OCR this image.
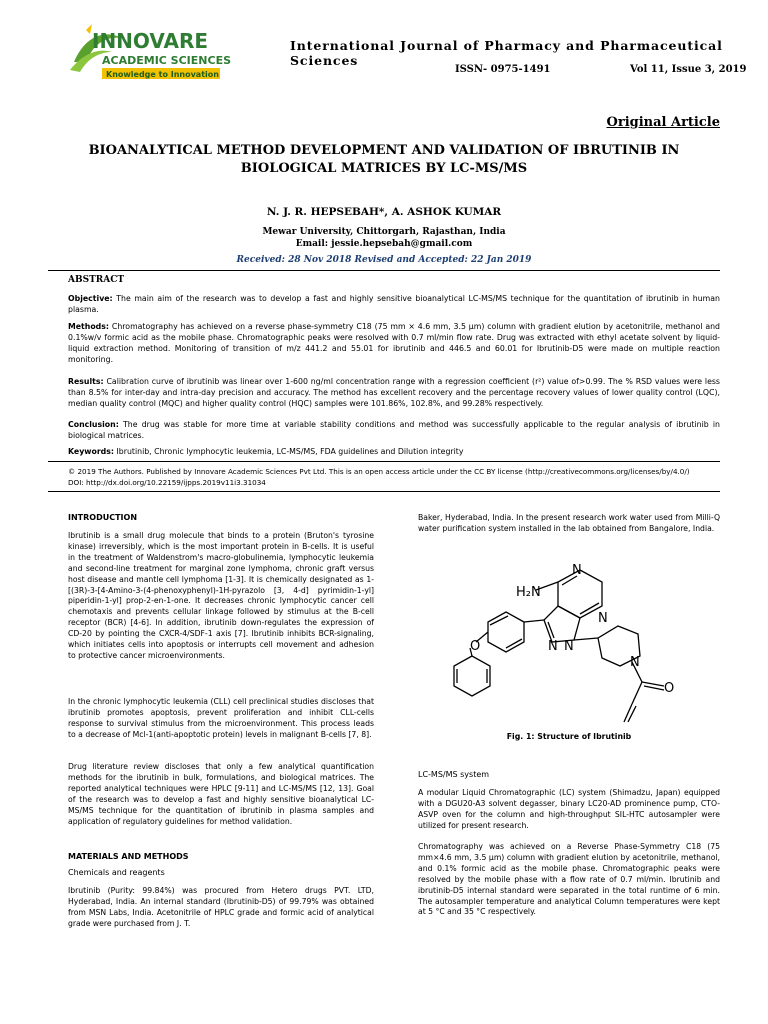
INNOVARE
ACADEMIC SCIENCES
Knowledge to Innovation
International Journal of Pharmacy and Pharmaceutical Sciences
ISSN- 0975-1491	Vol 11, Issue 3, 2019
Original Article
BIOANALYTICAL METHOD DEVELOPMENT AND VALIDATION OF IBRUTINIB IN BIOLOGICAL MATRICES BY LC-MS/MS
N. J. R. HEPSEBAH*, A. ASHOK KUMAR
Mewar University, Chittorgarh, Rajasthan, India
Email: jessie.hepsebah@gmail.com
Received: 28 Nov 2018 Revised and Accepted: 22 Jan 2019
ABSTRACT

Objective: The main aim of the research was to develop a fast and highly sensitive bioanalytical LC-MS/MS technique for the quantitation of ibrutinib in human plasma.

Methods: Chromatography has achieved on a reverse phase-symmetry C18 (75 mm × 4.6 mm, 3.5 µm) column with gradient elution by acetonitrile, methanol and 0.1%w/v formic acid as the mobile phase. Chromatographic peaks were resolved with 0.7 ml/min flow rate. Drug was extracted with ethyl acetate solvent by liquid-liquid extraction method. Monitoring of transition of m/z 441.2 and 55.01 for ibrutinib and 446.5 and 60.01 for Ibrutinib-D5 were made on multiple reaction monitoring.

Results: Calibration curve of ibrutinib was linear over 1-600 ng/ml concentration range with a regression coefficient (r²) value of>0.99. The % RSD values were less than 8.5% for inter-day and intra-day precision and accuracy. The method has excellent recovery and the percentage recovery values of lower quality control (LQC), median quality control (MQC) and higher quality control (HQC) samples were 101.86%, 102.8%, and 99.28% respectively.

Conclusion: The drug was stable for more time at variable stability conditions and method was successfully applicable to the regular analysis of ibrutinib in biological matrices.

Keywords: Ibrutinib, Chronic lymphocytic leukemia, LC-MS/MS, FDA guidelines and Dilution integrity

© 2019 The Authors. Published by Innovare Academic Sciences Pvt Ltd. This is an open access article under the CC BY license (http://creativecommons.org/licenses/by/4.0/)
DOI: http://dx.doi.org/10.22159/ijpps.2019v11i3.31034
INTRODUCTION

Ibrutinib is a small drug molecule that binds to a protein (Bruton's tyrosine kinase) irreversibly, which is the most important protein in B-cells. It is useful in the treatment of Waldenstrom's macro-globulinemia, lymphocytic leukemia and second-line treatment for marginal zone lymphoma, chronic graft versus host disease and mantle cell lymphoma [1-3]. It is chemically designated as 1-[(3R)-3-[4-Amino-3-(4-phenoxyphenyl)-1H-pyrazolo [3, 4-d] pyrimidin-1-yl] piperidin-1-yl] prop-2-en-1-one. It decreases chronic lymphocytic cancer cell chemotaxis and prevents cellular linkage followed by stimulus at the B-cell receptor (BCR) [4-6]. In addition, ibrutinib down-regulates the expression of CD-20 by pointing the CXCR-4/SDF-1 axis [7]. Ibrutinib inhibits BCR-signaling, which initiates cells into apoptosis or interrupts cell movement and adhesion to protective cancer microenvironments.

In the chronic lymphocytic leukemia (CLL) cell preclinical studies discloses that ibrutinib promotes apoptosis, prevent proliferation and inhibit CLL-cells response to survival stimulus from the microenvironment. This process leads to a decrease of Mcl-1(anti-apoptotic protein) levels in malignant B-cells [7, 8].

Drug literature review discloses that only a few analytical quantification methods for the ibrutinib in bulk, formulations, and biological matrices. The reported analytical techniques were HPLC [9-11] and LC-MS/MS [12, 13]. Goal of the research was to develop a fast and highly sensitive bioanalytical LC-MS/MS technique for the quantitation of ibrutinib in plasma samples and application of regulatory guidelines for method validation.

MATERIALS AND METHODS
Chemicals and reagents

Ibrutinib (Purity: 99.84%) was procured from Hetero drugs PVT. LTD, Hyderabad, India. An internal standard (Ibrutinib-D5) of 99.79% was obtained from MSN Labs, India. Acetonitrile of HPLC grade and formic acid of analytical grade were purchased from J. T.

Baker, Hyderabad, India. In the present research work water used from Milli-Q water purification system installed in the lab obtained from Bangalore, India.

N
N
N N
N
H₂N
O
O
Fig. 1: Structure of Ibrutinib
LC-MS/MS system

A modular Liquid Chromatographic (LC) system (Shimadzu, Japan) equipped with a DGU20-A3 solvent degasser, binary LC20-AD prominence pump, CTO-ASVP oven for the column and high-throughput SIL-HTC autosampler were utilized for present research.

Chromatography was achieved on a Reverse Phase-Symmetry C18 (75 mm×4.6 mm, 3.5 µm) column with gradient elution by acetonitrile, methanol, and 0.1% formic acid as the mobile phase. Chromatographic peaks were resolved by the mobile phase with a flow rate of 0.7 ml/min. Ibrutinib and ibrutinib-D5 internal standard were separated in the total runtime of 6 min. The autosampler temperature and analytical Column temperatures were kept at 5 °C and 35 °C respectively.
